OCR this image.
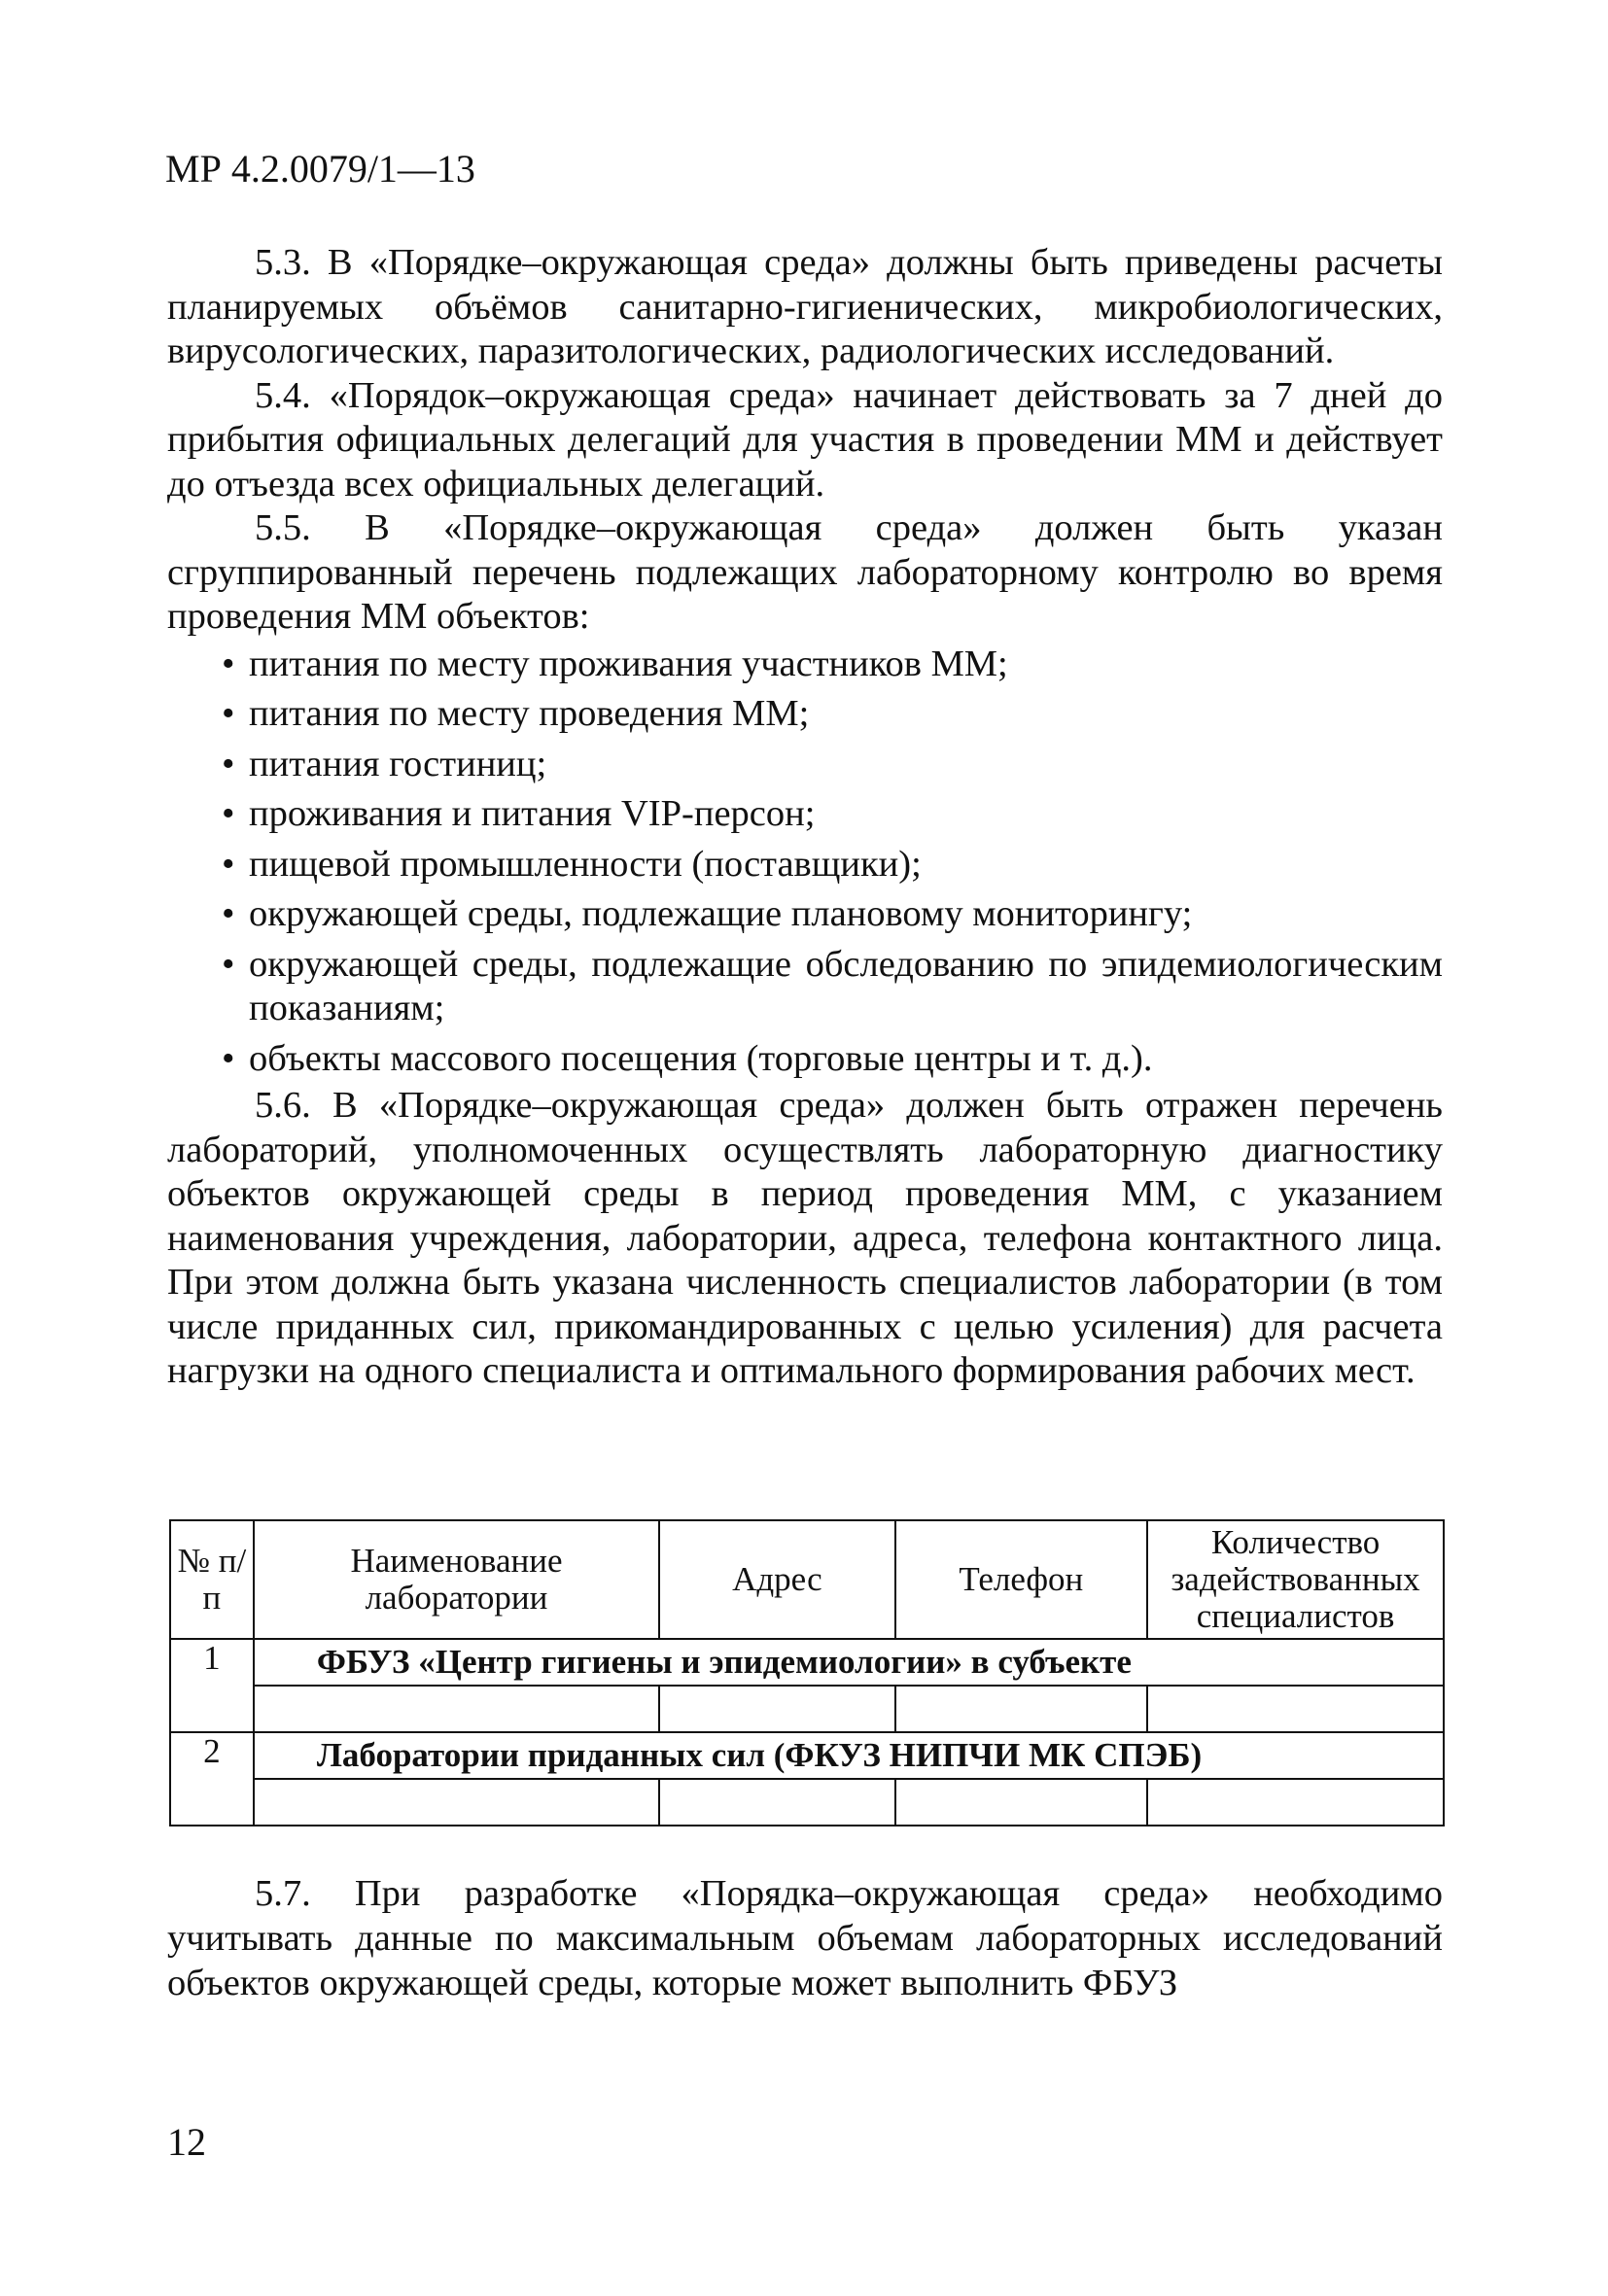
МР 4.2.0079/1—13

5.3. В «Порядке–окружающая среда» должны быть приведены расчеты планируемых объёмов санитарно-гигиенических, микробиологических, вирусологических, паразитологических, радиологических исследований.

5.4. «Порядок–окружающая среда» начинает действовать за 7 дней до прибытия официальных делегаций для участия в проведении ММ и действует до отъезда всех официальных делегаций.

5.5. В «Порядке–окружающая среда» должен быть указан сгруппированный перечень подлежащих лабораторному контролю во время проведения ММ объектов:

• питания по месту проживания участников ММ;
• питания по месту проведения ММ;
• питания гостиниц;
• проживания и питания VIP-персон;
• пищевой промышленности (поставщики);
• окружающей среды, подлежащие плановому мониторингу;
• окружающей среды, подлежащие обследованию по эпидемиологическим показаниям;
• объекты массового посещения (торговые центры и т. д.).

5.6. В «Порядке–окружающая среда» должен быть отражен перечень лабораторий, уполномоченных осуществлять лабораторную диагностику объектов окружающей среды в период проведения ММ, с указанием наименования учреждения, лаборатории, адреса, телефона контактного лица. При этом должна быть указана численность специалистов лаборатории (в том числе приданных сил, прикомандированных с целью усиления) для расчета нагрузки на одного специалиста и оптимального формирования рабочих мест.

№ п/п	Наименование лаборатории	Адрес	Телефон	Количество задействованных специалистов
1	ФБУЗ «Центр гигиены и эпидемиологии» в субъекте			

2	Лаборатории приданных сил (ФКУЗ НИПЧИ МК СПЭБ)			

5.7. При разработке «Порядка–окружающая среда» необходимо учитывать данные по максимальным объемам лабораторных исследований объектов окружающей среды, которые может выполнить ФБУЗ

12
